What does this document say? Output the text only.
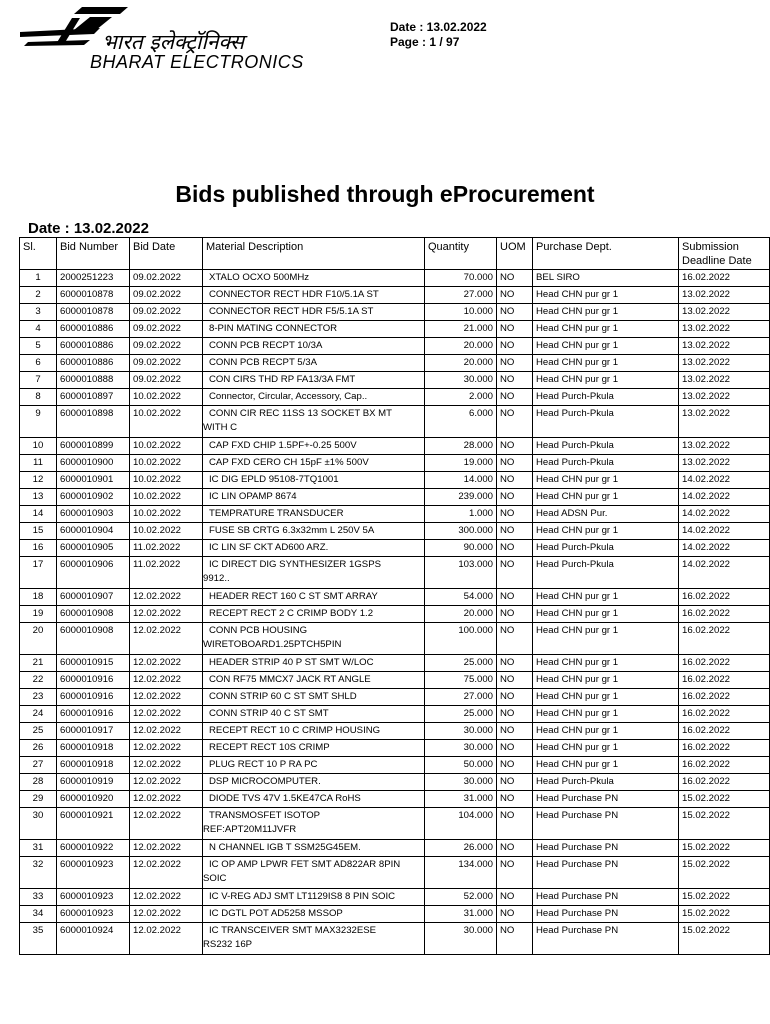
भारत इलेक्ट्रॉनिक्स
BHARAT ELECTRONICS
Date : 13.02.2022
Page : 1 / 97
Bids published through eProcurement
Date : 13.02.2022
Sl.	Bid Number	Bid Date	Material Description	Quantity	UOM	Purchase Dept.	Submission Deadline Date
1	2000251223	09.02.2022	XTALO OCXO 500MHz	70.000	NO	BEL SIRO	16.02.2022
2	6000010878	09.02.2022	CONNECTOR RECT HDR F10/5.1A ST	27.000	NO	Head CHN pur gr 1	13.02.2022
3	6000010878	09.02.2022	CONNECTOR RECT HDR F5/5.1A ST	10.000	NO	Head CHN pur gr 1	13.02.2022
4	6000010886	09.02.2022	8-PIN MATING CONNECTOR	21.000	NO	Head CHN pur gr 1	13.02.2022
5	6000010886	09.02.2022	CONN PCB RECPT 10/3A	20.000	NO	Head CHN pur gr 1	13.02.2022
6	6000010886	09.02.2022	CONN PCB RECPT 5/3A	20.000	NO	Head CHN pur gr 1	13.02.2022
7	6000010888	09.02.2022	CON CIRS THD RP FA13/3A FMT	30.000	NO	Head CHN pur gr 1	13.02.2022
8	6000010897	10.02.2022	Connector, Circular, Accessory, Cap..	2.000	NO	Head Purch-Pkula	13.02.2022
9	6000010898	10.02.2022	CONN CIR REC 11SS 13 SOCKET BX MT
WITH C	6.000	NO	Head Purch-Pkula	13.02.2022
10	6000010899	10.02.2022	CAP FXD CHIP 1.5PF+-0.25 500V	28.000	NO	Head Purch-Pkula	13.02.2022
11	6000010900	10.02.2022	CAP FXD CERO CH 15pF ±1% 500V	19.000	NO	Head Purch-Pkula	13.02.2022
12	6000010901	10.02.2022	IC DIG EPLD 95108-7TQ1001	14.000	NO	Head CHN pur gr 1	14.02.2022
13	6000010902	10.02.2022	IC LIN OPAMP 8674	239.000	NO	Head CHN pur gr 1	14.02.2022
14	6000010903	10.02.2022	TEMPRATURE TRANSDUCER	1.000	NO	Head ADSN Pur.	14.02.2022
15	6000010904	10.02.2022	FUSE SB CRTG 6.3x32mm L 250V 5A	300.000	NO	Head CHN pur gr 1	14.02.2022
16	6000010905	11.02.2022	IC LIN SF CKT AD600 ARZ.	90.000	NO	Head Purch-Pkula	14.02.2022
17	6000010906	11.02.2022	IC DIRECT DIG SYNTHESIZER 1GSPS
9912..	103.000	NO	Head Purch-Pkula	14.02.2022
18	6000010907	12.02.2022	HEADER RECT 160 C ST SMT ARRAY	54.000	NO	Head CHN pur gr 1	16.02.2022
19	6000010908	12.02.2022	RECEPT RECT 2 C CRIMP BODY 1.2	20.000	NO	Head CHN pur gr 1	16.02.2022
20	6000010908	12.02.2022	CONN PCB HOUSING
WIRETOBOARD1.25PTCH5PIN	100.000	NO	Head CHN pur gr 1	16.02.2022
21	6000010915	12.02.2022	HEADER STRIP 40 P ST SMT W/LOC	25.000	NO	Head CHN pur gr 1	16.02.2022
22	6000010916	12.02.2022	CON RF75 MMCX7 JACK RT ANGLE	75.000	NO	Head CHN pur gr 1	16.02.2022
23	6000010916	12.02.2022	CONN STRIP 60 C ST SMT SHLD	27.000	NO	Head CHN pur gr 1	16.02.2022
24	6000010916	12.02.2022	CONN STRIP 40 C ST SMT	25.000	NO	Head CHN pur gr 1	16.02.2022
25	6000010917	12.02.2022	RECEPT RECT 10 C CRIMP HOUSING	30.000	NO	Head CHN pur gr 1	16.02.2022
26	6000010918	12.02.2022	RECEPT RECT 10S CRIMP	30.000	NO	Head CHN pur gr 1	16.02.2022
27	6000010918	12.02.2022	PLUG RECT 10 P RA PC	50.000	NO	Head CHN pur gr 1	16.02.2022
28	6000010919	12.02.2022	DSP MICROCOMPUTER.	30.000	NO	Head Purch-Pkula	16.02.2022
29	6000010920	12.02.2022	DIODE TVS 47V 1.5KE47CA RoHS	31.000	NO	Head Purchase PN	15.02.2022
30	6000010921	12.02.2022	TRANSMOSFET ISOTOP
REF:APT20M11JVFR	104.000	NO	Head Purchase PN	15.02.2022
31	6000010922	12.02.2022	N CHANNEL IGB T SSM25G45EM.	26.000	NO	Head Purchase PN	15.02.2022
32	6000010923	12.02.2022	IC OP AMP LPWR FET SMT AD822AR 8PIN
SOIC	134.000	NO	Head Purchase PN	15.02.2022
33	6000010923	12.02.2022	IC V-REG ADJ SMT LT1129IS8 8 PIN SOIC	52.000	NO	Head Purchase PN	15.02.2022
34	6000010923	12.02.2022	IC DGTL POT AD5258 MSSOP	31.000	NO	Head Purchase PN	15.02.2022
35	6000010924	12.02.2022	IC TRANSCEIVER SMT MAX3232ESE
RS232 16P	30.000	NO	Head Purchase PN	15.02.2022
